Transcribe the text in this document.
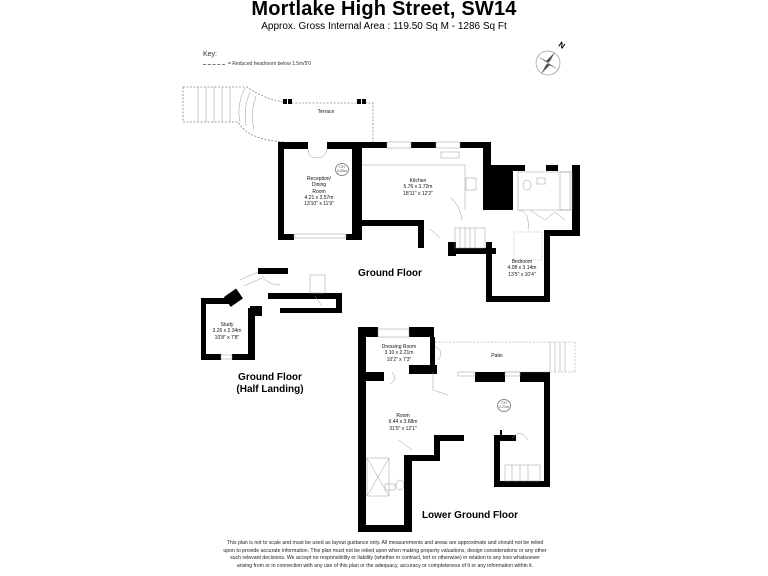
Mortlake High Street, SW14
Approx. Gross Internal Area : 119.50 Sq M - 1286 Sq Ft
Key:
= Reduced headroom below 1.5m/5'0
N
Terrace
CH
3.93m
Reception/
Dining
Room
4.21 x 3.57m
13'10" x 11'9"
Kitchen
5.76 x 3.72m
18'11" x 12'2"
Bedroom
4.08 x 3.14m
13'5" x 10'4"
Ground Floor
Study
3.26 x 2.34m
10'8" x 7'8"
Ground Floor
(Half Landing)
Dressing Room
3.10 x 2.21m
10'2" x 7'3"
Patio
CH
2.21m
Room
9.44 x 3.68m
31'0" x 12'1"
Lower Ground Floor
This plan is not to scale and must be used as layout guidance only. All measurements and areas are approximate and should not be relied upon to provide accurate information. This plan must not be relied upon when making property valuations, design considerations or any other such relevant decisions. We accept no responsibility or liability (whether in contract, tort or otherwise) in relation to any loss whatsoever arising from or in connection with any use of this plan or the adequacy, accuracy or completeness of it or any information within it.
